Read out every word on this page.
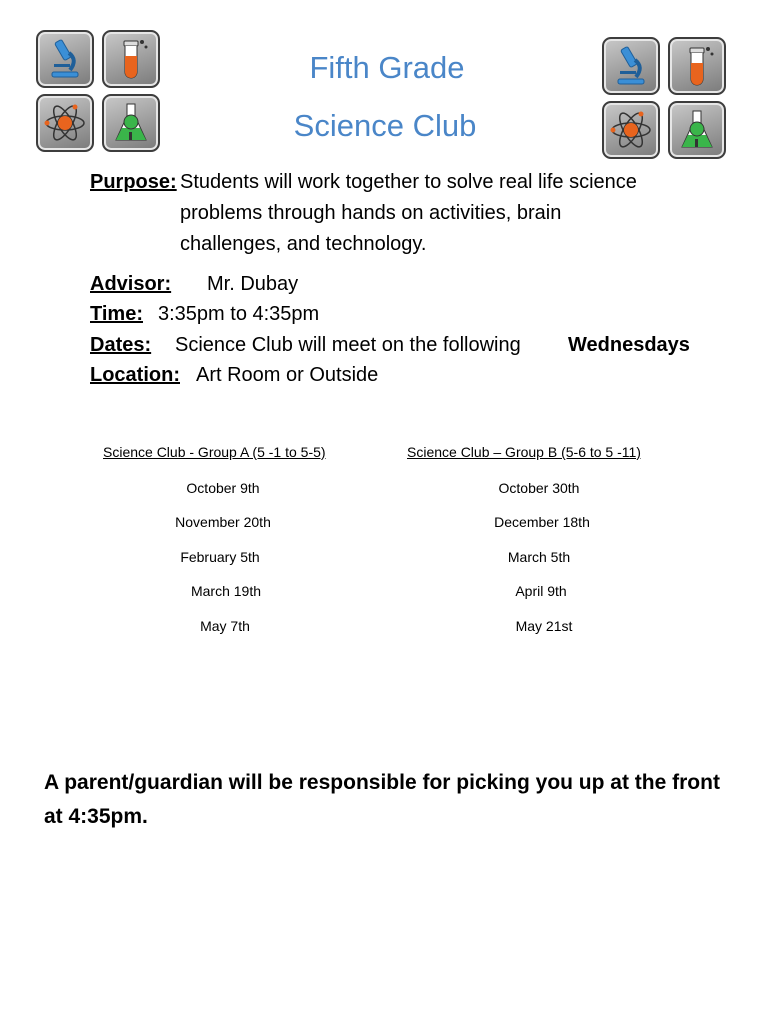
Fifth Grade
Science Club
Purpose: Students will work together to solve real life science problems through hands on activities, brain challenges, and technology.
Advisor: Mr. Dubay
Time: 3:35pm to 4:35pm
Dates: Science Club will meet on the following Wednesdays
Location: Art Room or Outside
Science Club - Group A (5 -1 to 5-5)	Science Club – Group B (5-6 to 5 -11)
October 9th
November 20th
February 5th
March 19th
May 7th
October 30th
December 18th
March 5th
April 9th
May 21st
A parent/guardian will be responsible for picking you up at the front at 4:35pm.
